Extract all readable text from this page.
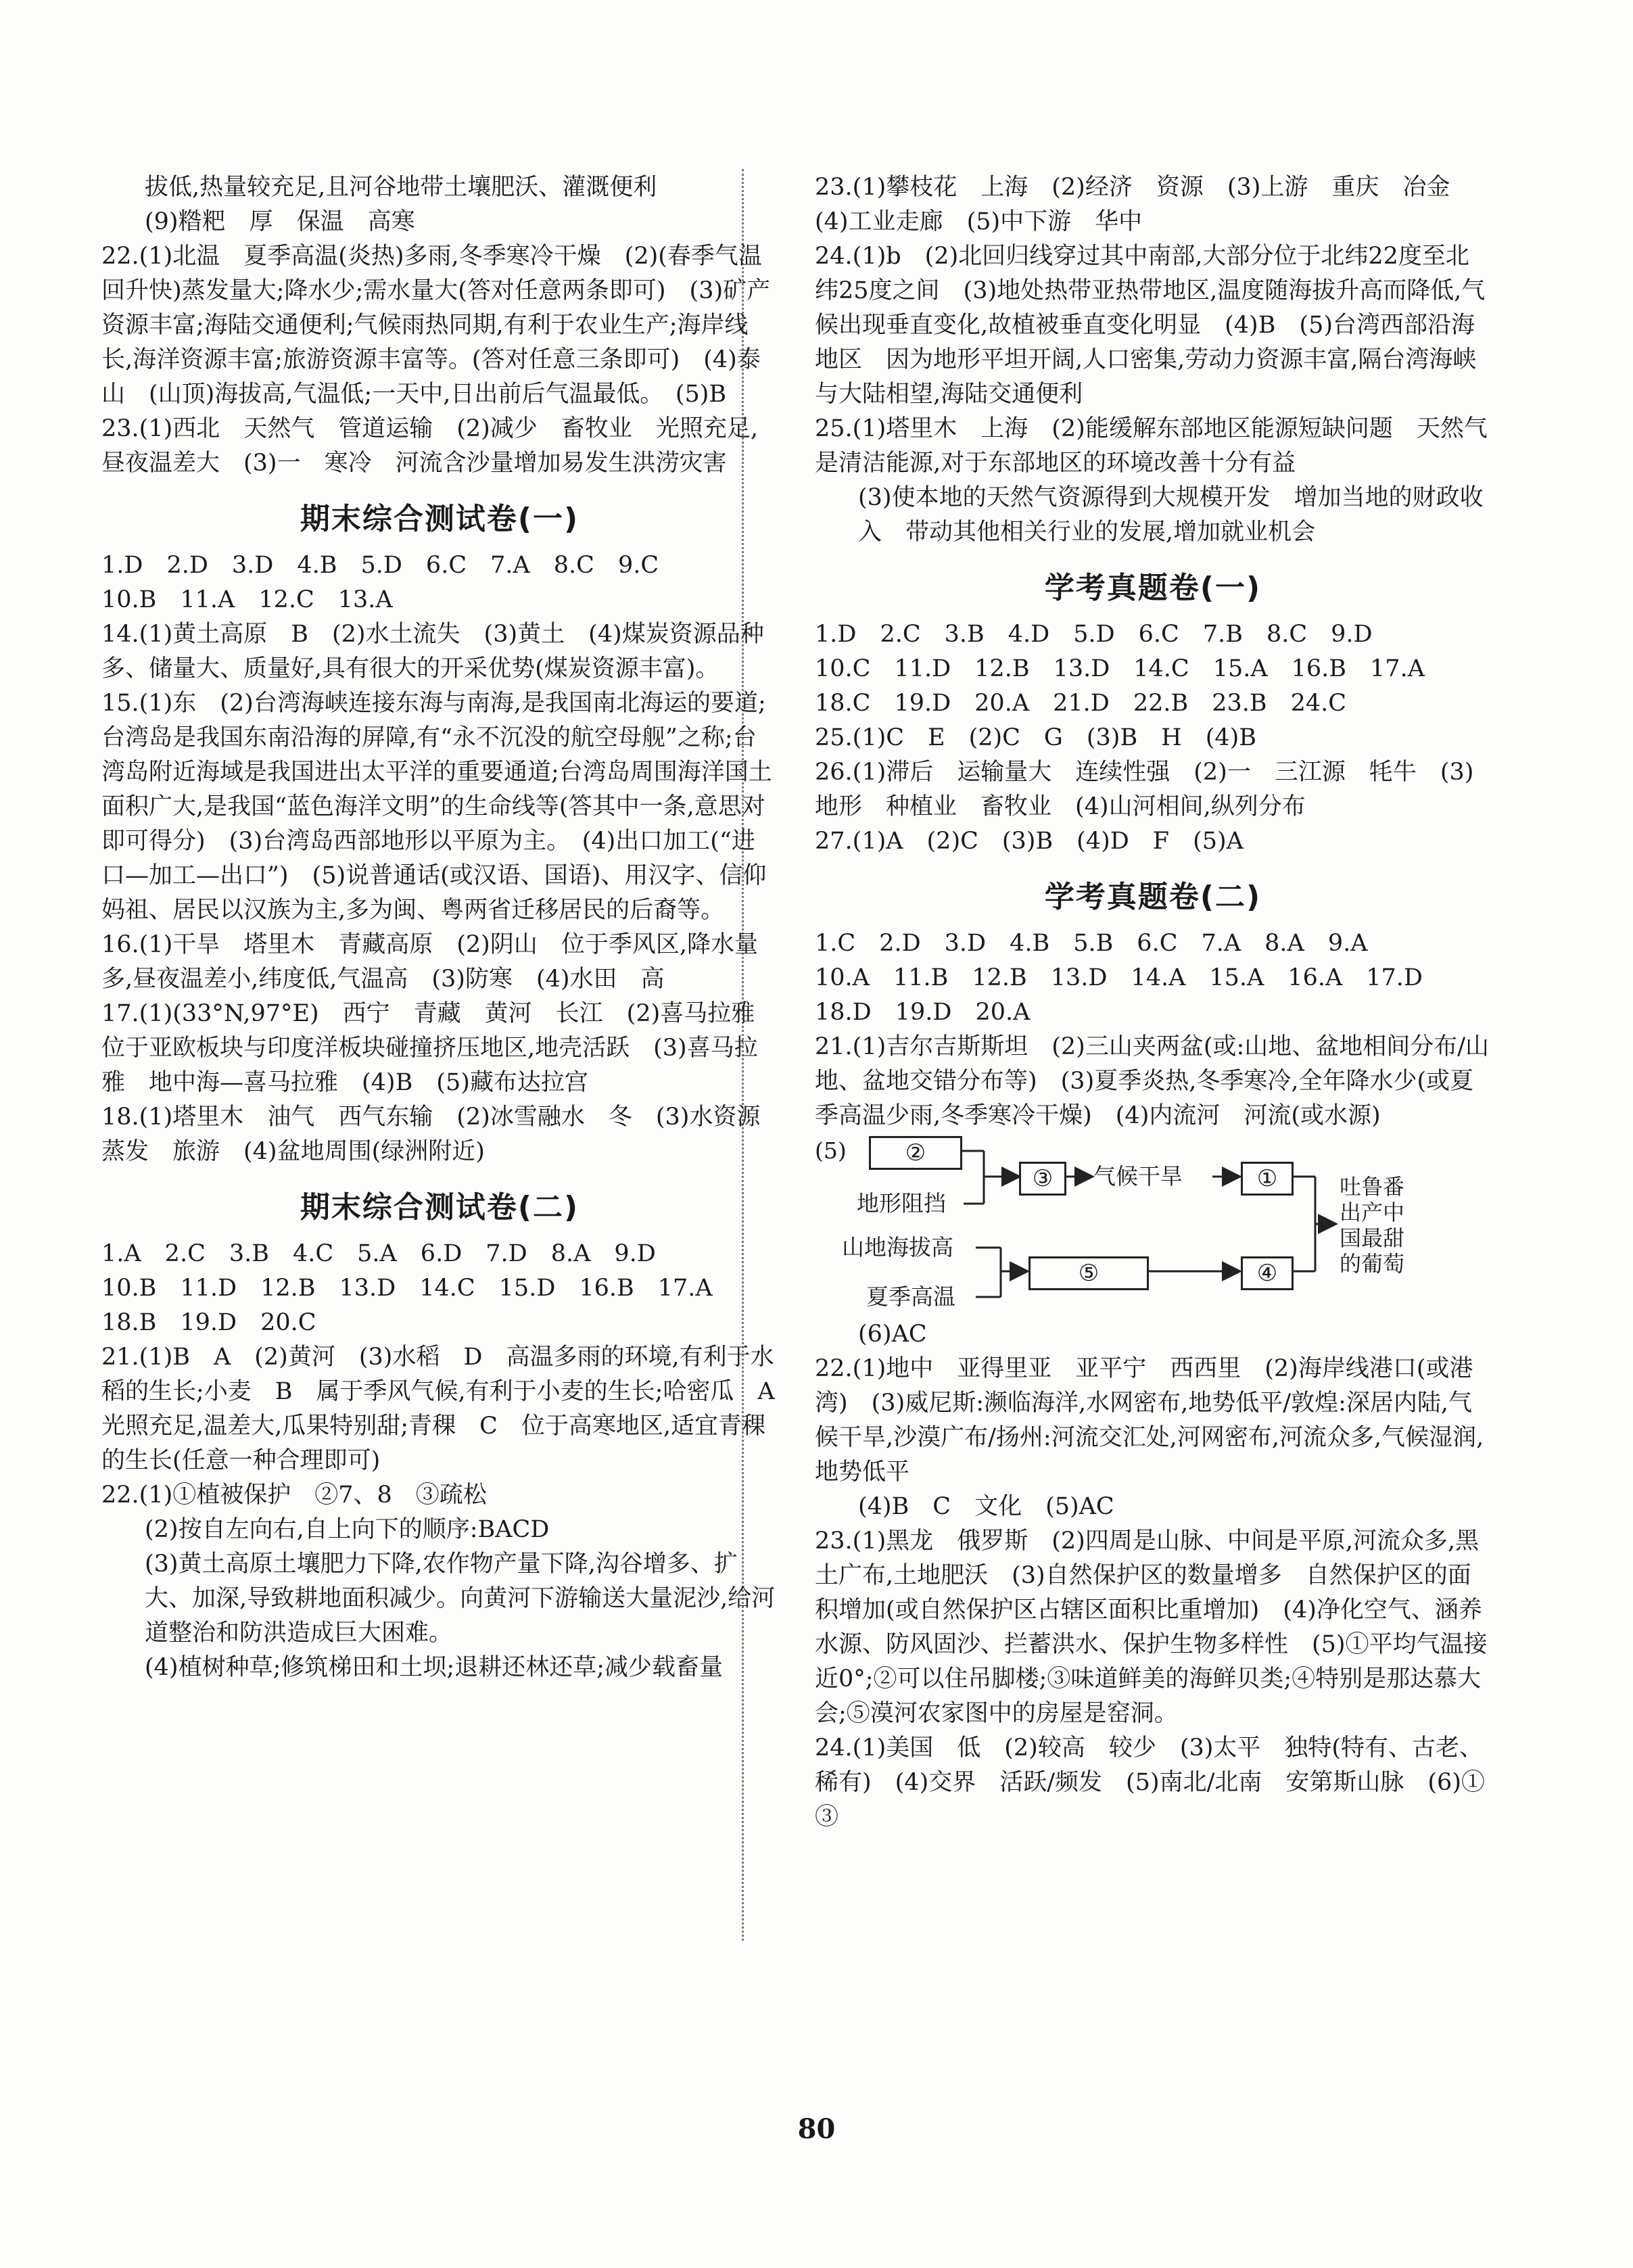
拔低,热量较充足,且河谷地带土壤肥沃、灌溉便利

(9)糌粑　厚　保温　高寒

22.(1)北温　夏季高温(炎热)多雨,冬季寒冷干燥　(2)(春季气温回升快)蒸发量大;降水少;需水量大(答对任意两条即可)　(3)矿产资源丰富;海陆交通便利;气候雨热同期,有利于农业生产;海岸线长,海洋资源丰富;旅游资源丰富等。(答对任意三条即可)　(4)泰山　(山顶)海拔高,气温低;一天中,日出前后气温最低。　(5)B

23.(1)西北　天然气　管道运输　(2)减少　畜牧业　光照充足,昼夜温差大　(3)一　寒冷　河流含沙量增加易发生洪涝灾害

期末综合测试卷(一)

1.D　2.D　3.D　4.B　5.D　6.C　7.A　8.C　9.C

10.B　11.A　12.C　13.A

14.(1)黄土高原　B　(2)水土流失　(3)黄土　(4)煤炭资源品种多、储量大、质量好,具有很大的开采优势(煤炭资源丰富)。

15.(1)东　(2)台湾海峡连接东海与南海,是我国南北海运的要道;台湾岛是我国东南沿海的屏障,有“永不沉没的航空母舰”之称;台湾岛附近海域是我国进出太平洋的重要通道;台湾岛周围海洋国土面积广大,是我国“蓝色海洋文明”的生命线等(答其中一条,意思对即可得分)　(3)台湾岛西部地形以平原为主。　(4)出口加工(“进口—加工—出口”)　(5)说普通话(或汉语、国语)、用汉字、信仰妈祖、居民以汉族为主,多为闽、粤两省迁移居民的后裔等。

16.(1)干旱　塔里木　青藏高原　(2)阴山　位于季风区,降水量多,昼夜温差小,纬度低,气温高　(3)防寒　(4)水田　高

17.(1)(33°N,97°E)　西宁　青藏　黄河　长江　(2)喜马拉雅　位于亚欧板块与印度洋板块碰撞挤压地区,地壳活跃　(3)喜马拉雅　地中海—喜马拉雅　(4)B　(5)藏布达拉宫

18.(1)塔里木　油气　西气东输　(2)冰雪融水　冬　(3)水资源蒸发　旅游　(4)盆地周围(绿洲附近)

期末综合测试卷(二)

1.A　2.C　3.B　4.C　5.A　6.D　7.D　8.A　9.D

10.B　11.D　12.B　13.D　14.C　15.D　16.B　17.A

18.B　19.D　20.C

21.(1)B　A　(2)黄河　(3)水稻　D　高温多雨的环境,有利于水稻的生长;小麦　B　属于季风气候,有利于小麦的生长;哈密瓜　A　光照充足,温差大,瓜果特别甜;青稞　C　位于高寒地区,适宜青稞的生长(任意一种合理即可)

22.(1)①植被保护　②7、8　③疏松

(2)按自左向右,自上向下的顺序:BACD

(3)黄土高原土壤肥力下降,农作物产量下降,沟谷增多、扩大、加深,导致耕地面积减少。向黄河下游输送大量泥沙,给河道整治和防洪造成巨大困难。

(4)植树种草;修筑梯田和土坝;退耕还林还草;减少载畜量

23.(1)攀枝花　上海　(2)经济　资源　(3)上游　重庆　冶金　(4)工业走廊　(5)中下游　华中

24.(1)b　(2)北回归线穿过其中南部,大部分位于北纬22度至北纬25度之间　(3)地处热带亚热带地区,温度随海拔升高而降低,气候出现垂直变化,故植被垂直变化明显　(4)B　(5)台湾西部沿海地区　因为地形平坦开阔,人口密集,劳动力资源丰富,隔台湾海峡与大陆相望,海陆交通便利

25.(1)塔里木　上海　(2)能缓解东部地区能源短缺问题　天然气是清洁能源,对于东部地区的环境改善十分有益

(3)使本地的天然气资源得到大规模开发　增加当地的财政收入　带动其他相关行业的发展,增加就业机会

学考真题卷(一)

1.D　2.C　3.B　4.D　5.D　6.C　7.B　8.C　9.D

10.C　11.D　12.B　13.D　14.C　15.A　16.B　17.A

18.C　19.D　20.A　21.D　22.B　23.B　24.C

25.(1)C　E　(2)C　G　(3)B　H　(4)B

26.(1)滞后　运输量大　连续性强　(2)一　三江源　牦牛　(3)地形　种植业　畜牧业　(4)山河相间,纵列分布

27.(1)A　(2)C　(3)B　(4)D　F　(5)A

学考真题卷(二)

1.C　2.D　3.D　4.B　5.B　6.C　7.A　8.A　9.A

10.A　11.B　12.B　13.D　14.A　15.A　16.A　17.D

18.D　19.D　20.A

21.(1)吉尔吉斯斯坦　(2)三山夹两盆(或:山地、盆地相间分布/山地、盆地交错分布等)　(3)夏季炎热,冬季寒冷,全年降水少(或夏季高温少雨,冬季寒冷干燥)　(4)内流河　河流(或水源)

(5)	②
地形阻挡
③	气候干旱	①
山地海拔高
⑤	④
夏季高温
吐鲁番出产中国最甜的葡萄

(6)AC

22.(1)地中　亚得里亚　亚平宁　西西里　(2)海岸线港口(或港湾)　(3)威尼斯:濒临海洋,水网密布,地势低平/敦煌:深居内陆,气候干旱,沙漠广布/扬州:河流交汇处,河网密布,河流众多,气候湿润,地势低平

(4)B　C　文化　(5)AC

23.(1)黑龙　俄罗斯　(2)四周是山脉、中间是平原,河流众多,黑土广布,土地肥沃　(3)自然保护区的数量增多　自然保护区的面积增加(或自然保护区占辖区面积比重增加)　(4)净化空气、涵养水源、防风固沙、拦蓄洪水、保护生物多样性　(5)①平均气温接近0°;②可以住吊脚楼;③味道鲜美的海鲜贝类;④特别是那达慕大会;⑤漠河农家图中的房屋是窑洞。

24.(1)美国　低　(2)较高　较少　(3)太平　独特(特有、古老、稀有)　(4)交界　活跃/频发　(5)南北/北南　安第斯山脉　(6)①　③

80
